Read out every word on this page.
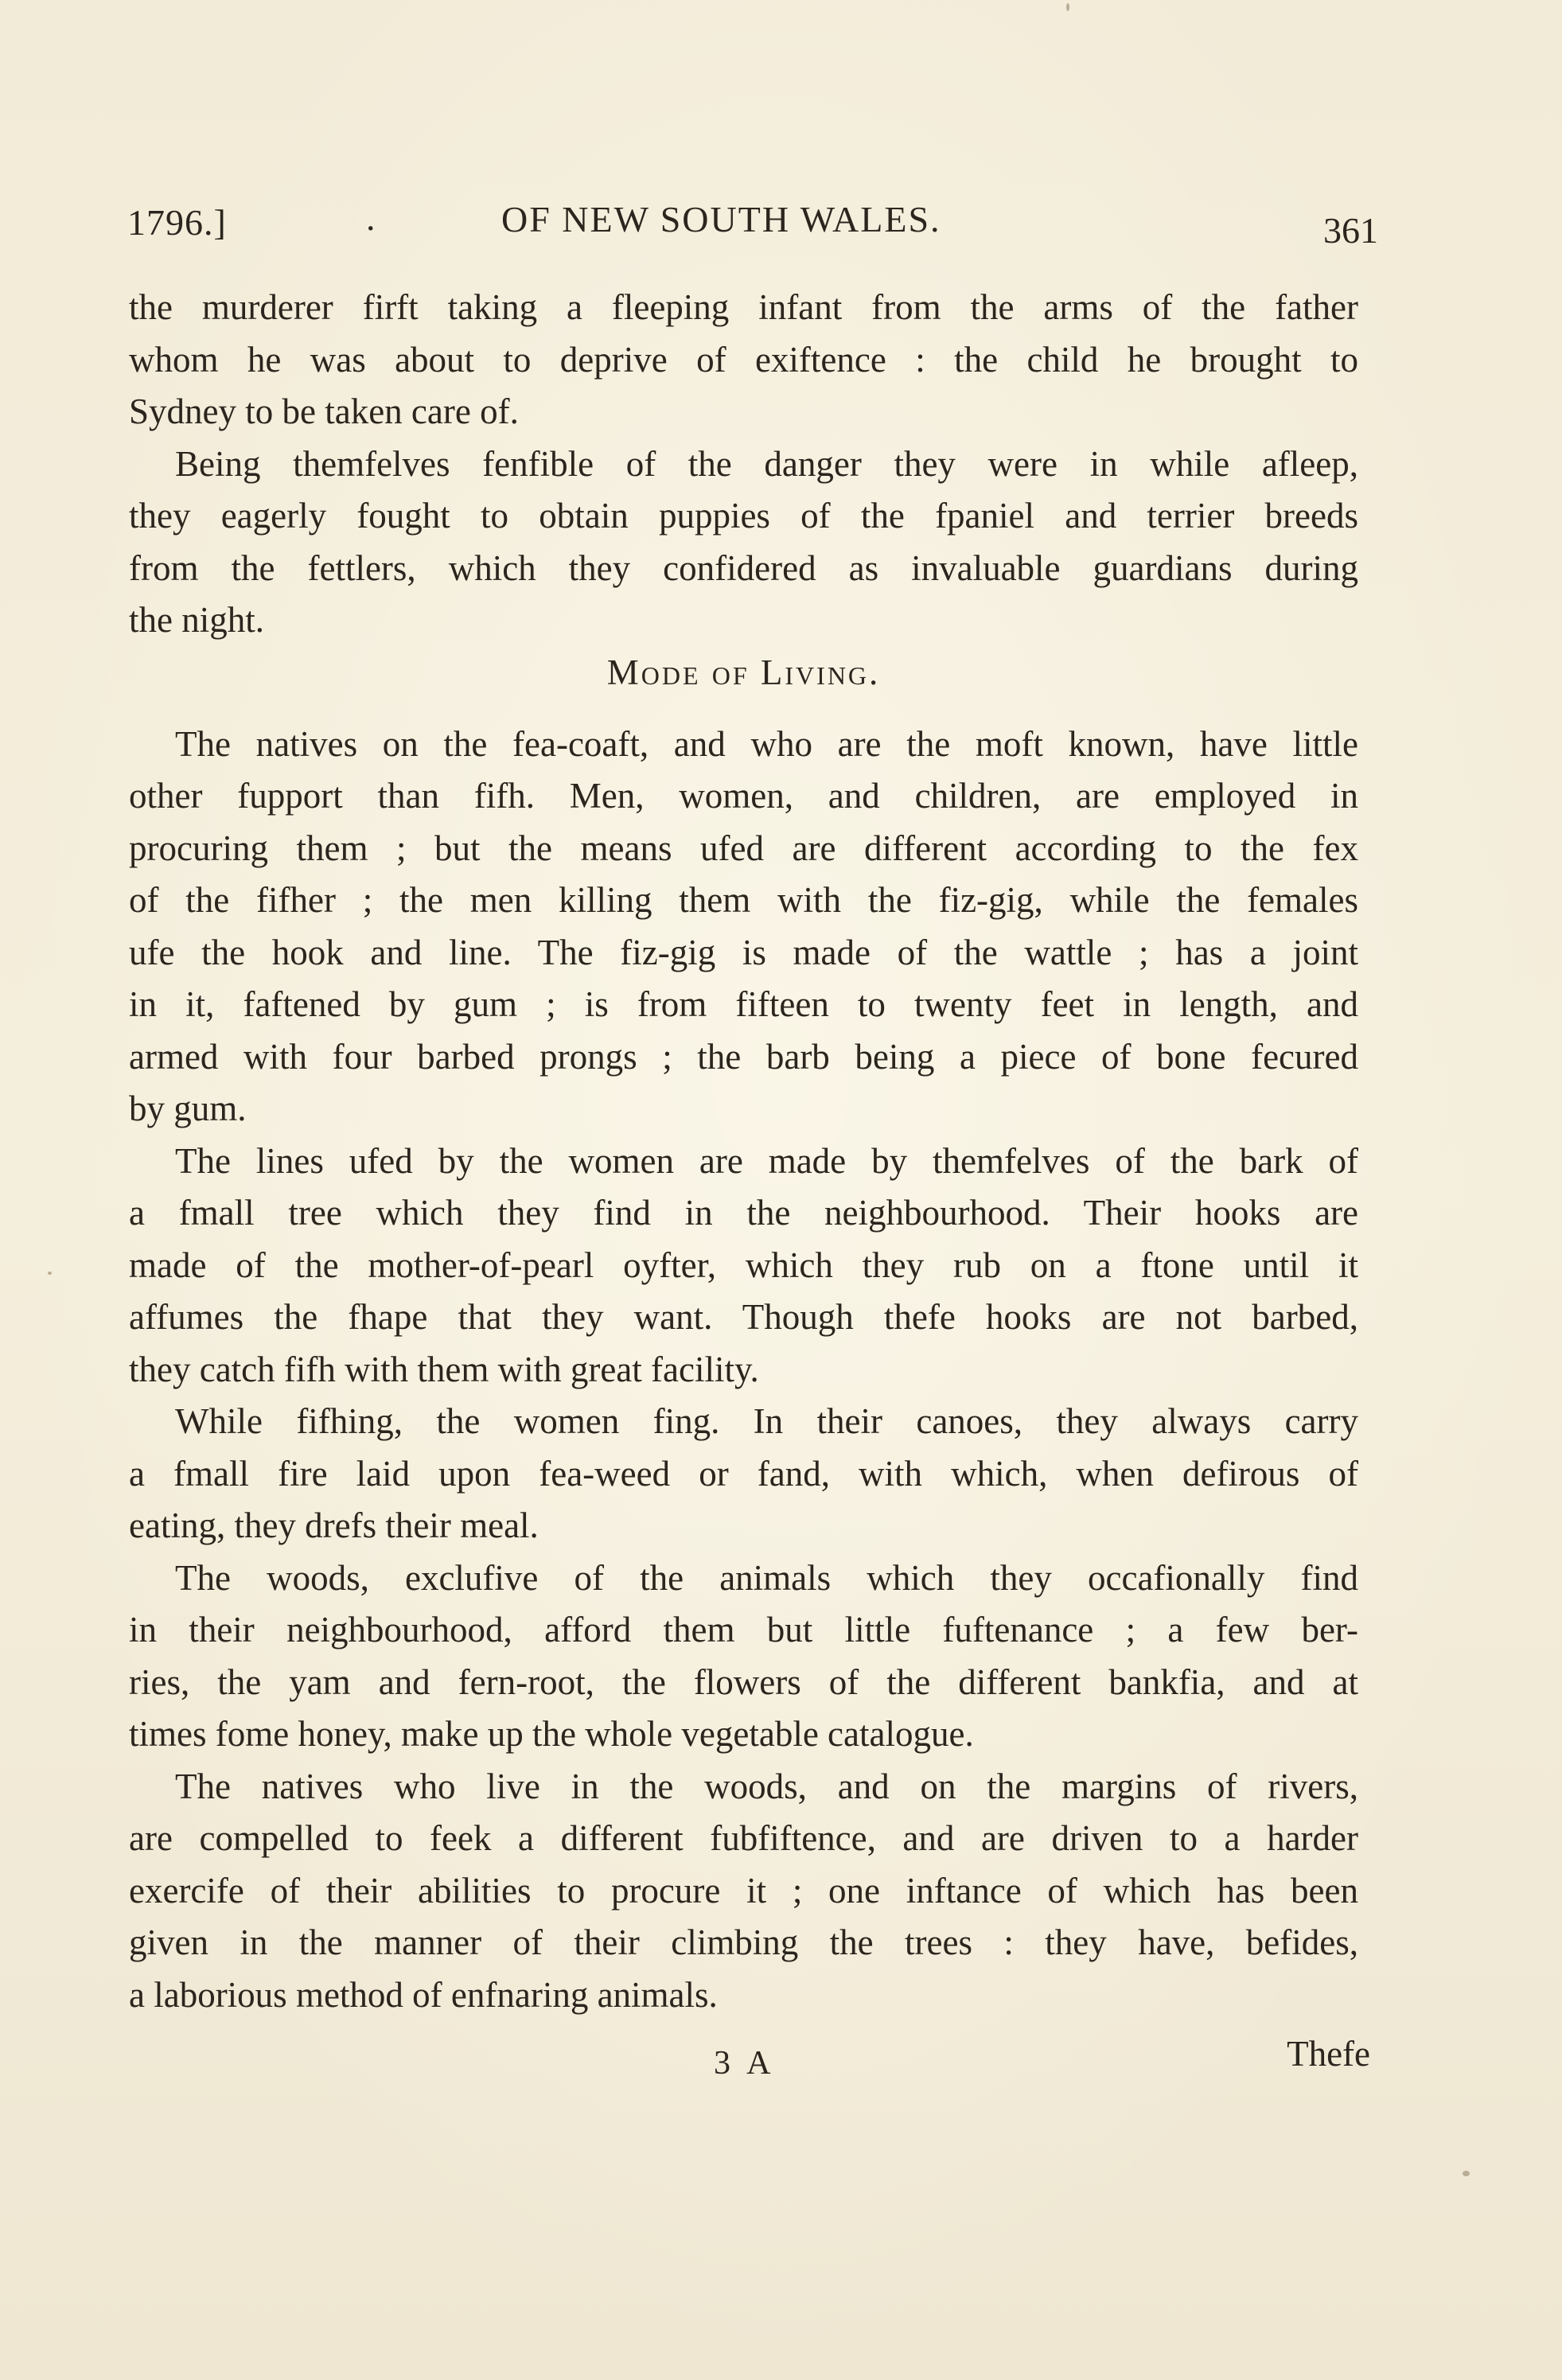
1796.]	.	OF NEW SOUTH WALES.	361
the murderer firft taking a fleeping infant from the arms of the father
whom he was about to deprive of exiftence : the child he brought to
Sydney to be taken care of.
Being themfelves fenfible of the danger they were in while afleep,
they eagerly fought to obtain puppies of the fpaniel and terrier breeds
from the fettlers, which they confidered as invaluable guardians during
the night.
Mode of Living.
The natives on the fea-coaft, and who are the moft known, have little
other fupport than fifh. Men, women, and children, are employed in
procuring them ; but the means ufed are different according to the fex
of the fifher ; the men killing them with the fiz-gig, while the females
ufe the hook and line. The fiz-gig is made of the wattle ; has a joint
in it, faftened by gum ; is from fifteen to twenty feet in length, and
armed with four barbed prongs ; the barb being a piece of bone fecured
by gum.
The lines ufed by the women are made by themfelves of the bark of
a fmall tree which they find in the neighbourhood. Their hooks are
made of the mother-of-pearl oyfter, which they rub on a ftone until it
affumes the fhape that they want. Though thefe hooks are not barbed,
they catch fifh with them with great facility.
While fifhing, the women fing. In their canoes, they always carry
a fmall fire laid upon fea-weed or fand, with which, when defirous of
eating, they drefs their meal.
The woods, exclufive of the animals which they occafionally find
in their neighbourhood, afford them but little fuftenance ; a few ber-
ries, the yam and fern-root, the flowers of the different bankfia, and at
times fome honey, make up the whole vegetable catalogue.
The natives who live in the woods, and on the margins of rivers,
are compelled to feek a different fubfiftence, and are driven to a harder
exercife of their abilities to procure it ; one inftance of which has been
given in the manner of their climbing the trees : they have, befides,
a laborious method of enfnaring animals.
3 A	Thefe
